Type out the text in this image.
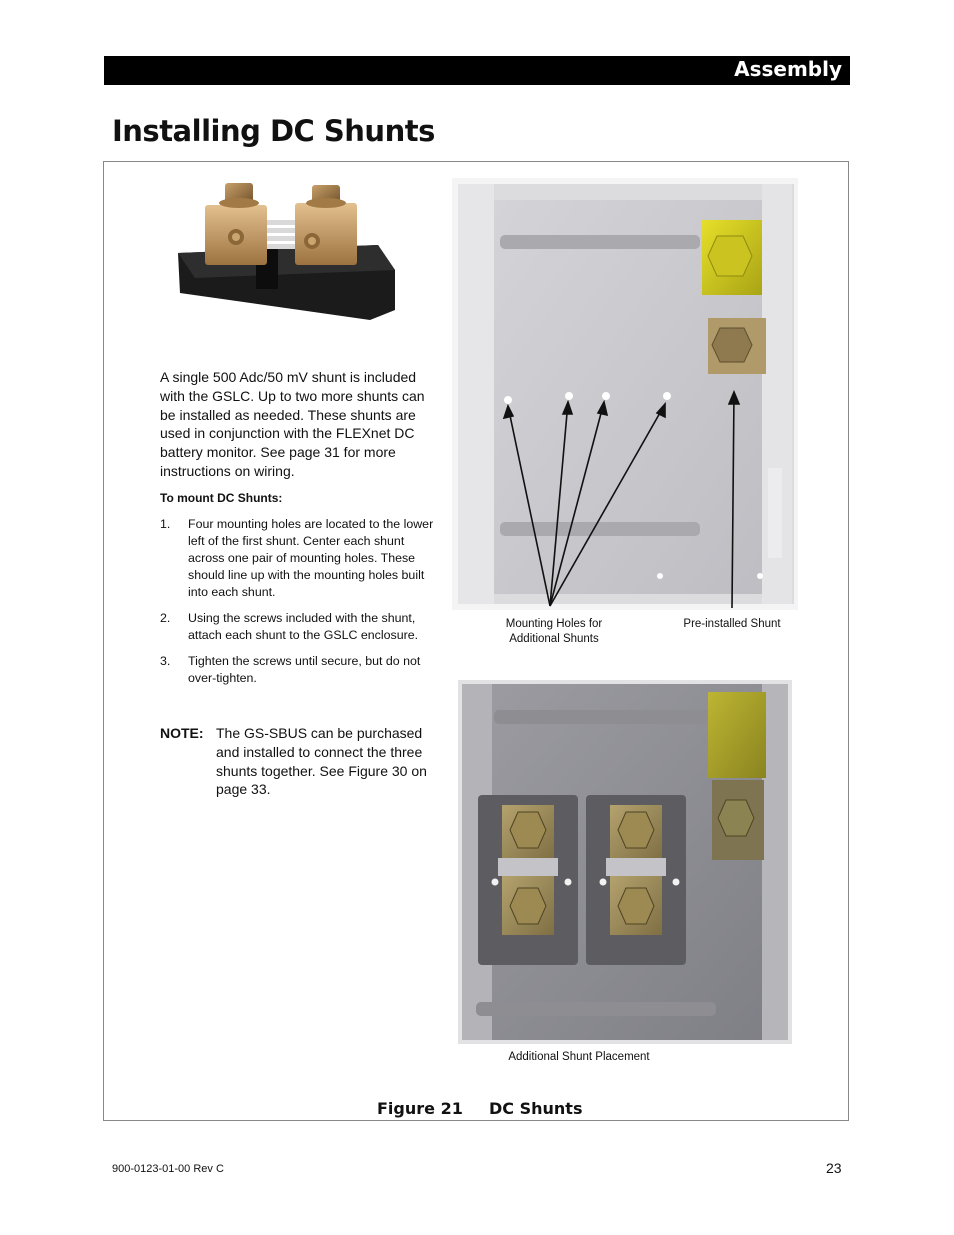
Assembly
Installing DC Shunts
A single 500 Adc/50 mV shunt is included with the GSLC. Up to two more shunts can be installed as needed. These shunts are used in conjunction with the FLEXnet DC battery monitor. See page 31 for more instructions on wiring.
To mount DC Shunts:
1. Four mounting holes are located to the lower left of the first shunt. Center each shunt across one pair of mounting holes. These should line up with the mounting holes built into each shunt.
2. Using the screws included with the shunt, attach each shunt to the GSLC enclosure.
3. Tighten the screws until secure, but do not over-tighten.
NOTE: The GS-SBUS can be purchased and installed to connect the three shunts together. See Figure 30 on page 33.
Mounting Holes for Additional Shunts
Pre-installed Shunt
Additional Shunt Placement
Figure 21 DC Shunts
900-0123-01-00 Rev C	23
